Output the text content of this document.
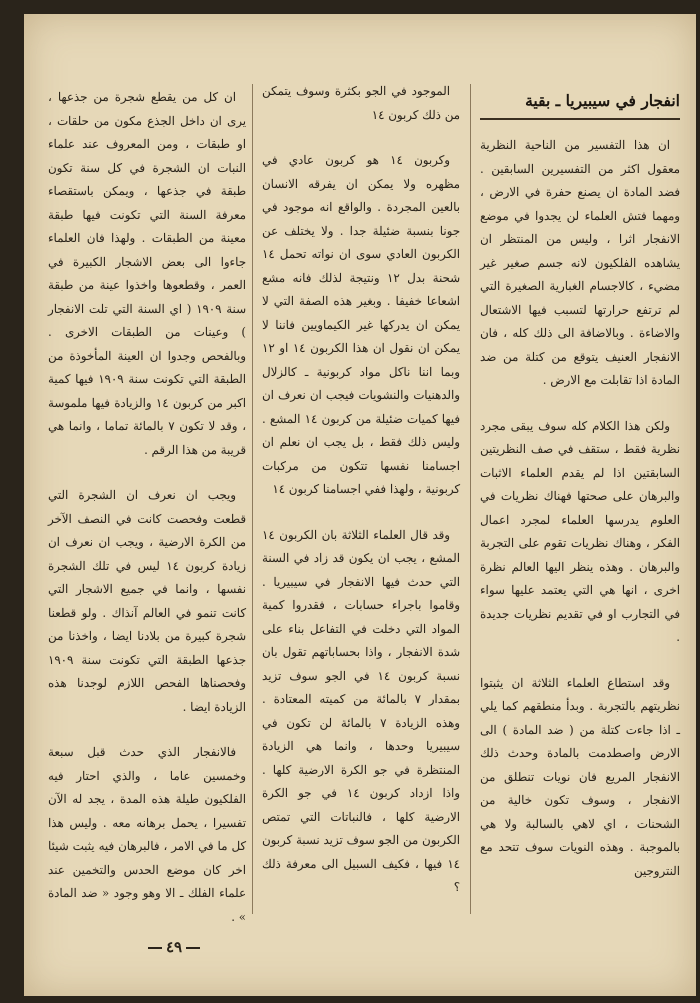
انفجار في سيبيريا ـ بقية

ان هذا التفسير من الناحية النظرية معقول اكثر من التفسيرين السابقين . فضد المادة ان يصنع حفرة في الارض ، ومهما فتش العلماء لن يجدوا في موضع الانفجار اثرا ، وليس من المنتظر ان يشاهده الفلكيون لانه جسم صغير غير مضيء ، كالاجسام الغبارية الصغيرة التي لم ترتفع حرارتها لتسبب فيها الاشتعال والاضاءة . وبالاضافة الى ذلك كله ، فان الانفجار العنيف يتوقع من كتلة من ضد المادة اذا تقابلت مع الارض .

ولكن هذا الكلام كله سوف يبقى مجرد نظرية فقط ، ستقف في صف النظريتين السابقتين اذا لم يقدم العلماء الاثبات والبرهان على صحتها فهناك نظريات في العلوم يدرسها العلماء لمجرد اعمال الفكر ، وهناك نظريات تقوم على التجربة والبرهان . وهذه ينظر اليها العالم نظرة اخرى ، انها هي التي يعتمد عليها سواء في التجارب او في تقديم نظريات جديدة .

وقد استطاع العلماء الثلاثة ان يثبتوا نظريتهم بالتجربة . وبدأ منطقهم كما يلي ـ اذا جاءت كتلة من ( ضد المادة ) الى الارض واصطدمت بالمادة وحدث ذلك الانفجار المريع فان نويات تنطلق من الانفجار ، وسوف تكون خالية من الشحنات ، اي لاهي بالسالبة ولا هي بالموجبة . وهذه النويات سوف تتحد مع النتروجين

الموجود في الجو بكثرة وسوف يتمكن من ذلك كربون ١٤

وكربون ١٤ هو كربون عادي في مظهره ولا يمكن ان يفرقه الانسان بالعين المجردة . والواقع انه موجود في جونا بنسبة ضئيلة جدا . ولا يختلف عن الكربون العادي سوى ان نواته تحمل ١٤ شحنة بدل ١٢ ونتيجة لذلك فانه مشع اشعاعا خفيفا . وبغير هذه الصفة التي لا يمكن ان يدركها غير الكيماويين فاننا لا يمكن ان نقول ان هذا الكربون ١٤ او ١٢ وبما اننا ناكل مواد كربونية ـ كالزلال والدهنيات والنشويات فيجب ان نعرف ان فيها كميات ضئيلة من كربون ١٤ المشع . وليس ذلك فقط ، بل يجب ان نعلم ان اجسامنا نفسها تتكون من مركبات كربونية ، ولهذا ففي اجسامنا كربون ١٤

وقد قال العلماء الثلاثة بان الكربون ١٤ المشع ، يجب ان يكون قد زاد في السنة التي حدث فيها الانفجار في سيبيريا . وقاموا باجراء حسابات ، فقدروا كمية المواد التي دخلت في التفاعل بناء على شدة الانفجار ، واذا بحساباتهم تقول بان نسبة كربون ١٤ في الجو سوف تزيد بمقدار ٧ بالمائة من كميته المعتادة . وهذه الزيادة ٧ بالمائة لن تكون في سيبيريا وحدها ، وانما هي الزيادة المنتظرة في جو الكرة الارضية كلها . واذا ازداد كربون ١٤ في جو الكرة الارضية كلها ، فالنباتات التي تمتص الكربون من الجو سوف تزيد نسبة كربون ١٤ فيها ، فكيف السبيل الى معرفة ذلك ؟

ان كل من يقطع شجرة من جذعها ، يرى ان داخل الجذع مكون من حلقات ، او طبقات ، ومن المعروف عند علماء النبات ان الشجرة في كل سنة تكون طبقة في جذعها ، ويمكن باستقصاء معرفة السنة التي تكونت فيها طبقة معينة من الطبقات . ولهذا فان العلماء جاءوا الى بعض الاشجار الكبيرة في العمر ، وقطعوها واخذوا عينة من طبقة سنة ١٩٠٩ ( اي السنة التي تلت الانفجار ) وعينات من الطبقات الاخرى . وبالفحص وجدوا ان العينة المأخوذة من الطبقة التي تكونت سنة ١٩٠٩ فيها كمية اكبر من كربون ١٤ والزيادة فيها ملموسة ، وقد لا تكون ٧ بالمائة تماما ، وانما هي قريبة من هذا الرقم .

ويجب ان نعرف ان الشجرة التي قطعت وفحصت كانت في النصف الآخر من الكرة الارضية ، ويجب ان نعرف ان زيادة كربون ١٤ ليس في تلك الشجرة نفسها ، وانما في جميع الاشجار التي كانت تنمو في العالم آنذاك . ولو قطعنا شجرة كبيرة من بلادنا ايضا ، واخذنا من جذعها الطبقة التي تكونت سنة ١٩٠٩ وفحصناها الفحص اللازم لوجدنا هذه الزيادة ايضا .

فالانفجار الذي حدث قبل سبعة وخمسين عاما ، والذي احتار فيه الفلكيون طيلة هذه المدة ، يجد له الآن تفسيرا ، يحمل برهانه معه . وليس هذا كل ما في الامر ، فالبرهان فيه يثبت شيئا اخر كان موضع الحدس والتخمين عند علماء الفلك ـ الا وهو وجود « ضد المادة » .

٤٩
